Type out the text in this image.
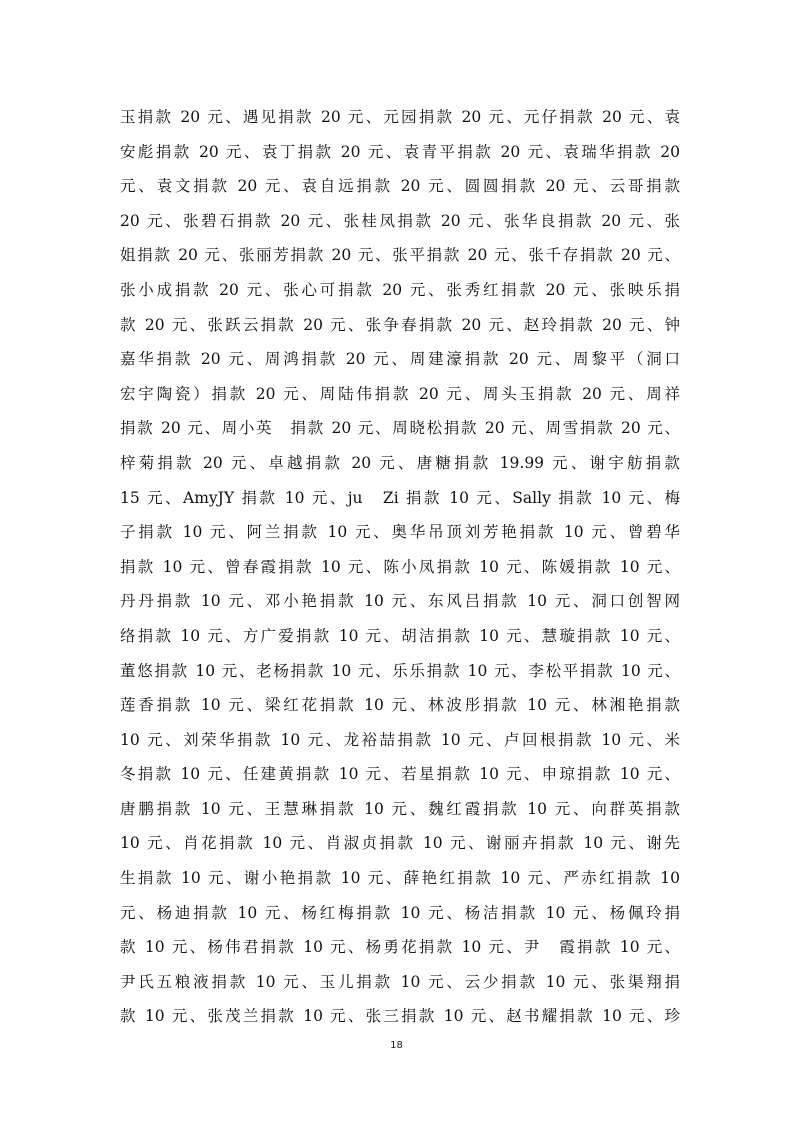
玉捐款 20 元、遇见捐款 20 元、元园捐款 20 元、元仔捐款 20 元、袁
安彪捐款 20 元、袁丁捐款 20 元、袁青平捐款 20 元、袁瑞华捐款 20
元、袁文捐款 20 元、袁自远捐款 20 元、圆圆捐款 20 元、云哥捐款
20 元、张碧石捐款 20 元、张桂凤捐款 20 元、张华良捐款 20 元、张
姐捐款 20 元、张丽芳捐款 20 元、张平捐款 20 元、张千存捐款 20 元、
张小成捐款 20 元、张心可捐款 20 元、张秀红捐款 20 元、张映乐捐
款 20 元、张跃云捐款 20 元、张争春捐款 20 元、赵玲捐款 20 元、钟
嘉华捐款 20 元、周鸿捐款 20 元、周建濠捐款 20 元、周黎平（洞口
宏宇陶瓷）捐款 20 元、周陆伟捐款 20 元、周头玉捐款 20 元、周祥
捐款 20 元、周小英　捐款 20 元、周晓松捐款 20 元、周雪捐款 20 元、
梓菊捐款 20 元、卓越捐款 20 元、唐糖捐款 19.99 元、谢宇舫捐款
15 元、AmyJY 捐款 10 元、ju　Zi 捐款 10 元、Sally 捐款 10 元、梅
子捐款 10 元、阿兰捐款 10 元、奥华吊顶刘芳艳捐款 10 元、曾碧华
捐款 10 元、曾春霞捐款 10 元、陈小凤捐款 10 元、陈媛捐款 10 元、
丹丹捐款 10 元、邓小艳捐款 10 元、东风吕捐款 10 元、洞口创智网
络捐款 10 元、方广爱捐款 10 元、胡洁捐款 10 元、慧璇捐款 10 元、
董悠捐款 10 元、老杨捐款 10 元、乐乐捐款 10 元、李松平捐款 10 元、
莲香捐款 10 元、梁红花捐款 10 元、林波彤捐款 10 元、林湘艳捐款
10 元、刘荣华捐款 10 元、龙裕喆捐款 10 元、卢回根捐款 10 元、米
冬捐款 10 元、任建黄捐款 10 元、若星捐款 10 元、申琼捐款 10 元、
唐鹏捐款 10 元、王慧琳捐款 10 元、魏红霞捐款 10 元、向群英捐款
10 元、肖花捐款 10 元、肖淑贞捐款 10 元、谢丽卉捐款 10 元、谢先
生捐款 10 元、谢小艳捐款 10 元、薛艳红捐款 10 元、严赤红捐款 10
元、杨迪捐款 10 元、杨红梅捐款 10 元、杨洁捐款 10 元、杨佩玲捐
款 10 元、杨伟君捐款 10 元、杨勇花捐款 10 元、尹　霞捐款 10 元、
尹氏五粮液捐款 10 元、玉儿捐款 10 元、云少捐款 10 元、张渠翔捐
款 10 元、张茂兰捐款 10 元、张三捐款 10 元、赵书耀捐款 10 元、珍
18
